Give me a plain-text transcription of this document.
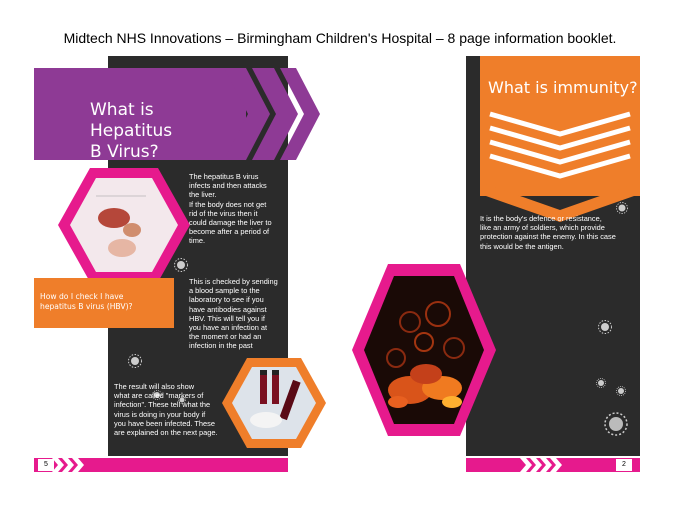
Midtech NHS Innovations – Birmingham Children's Hospital – 8 page information booklet.
What is Hepatitus
B Virus?
The hepatitus B virus
infects and then attacks
the liver.
If the body does not get
rid of the virus then it
could damage the liver to
become after a period of
time.
How do I check I have
hepatitus B virus (HBV)?
This is checked by sending
a blood sample to the
laboratory to see if you
have antibodies against
HBV. This will tell you if
you have an infection at
the moment or had an
infection in the past
The result will also show
what are called "markers of
infection". These tell what the
virus is doing in your body if
you have been infected. These
are explained on the next page.
5
What is immunity?
It is the body's defence or resistance,
like an army of soldiers, which provide
protection against the enemy. In this case
this would be the antigen.
2
